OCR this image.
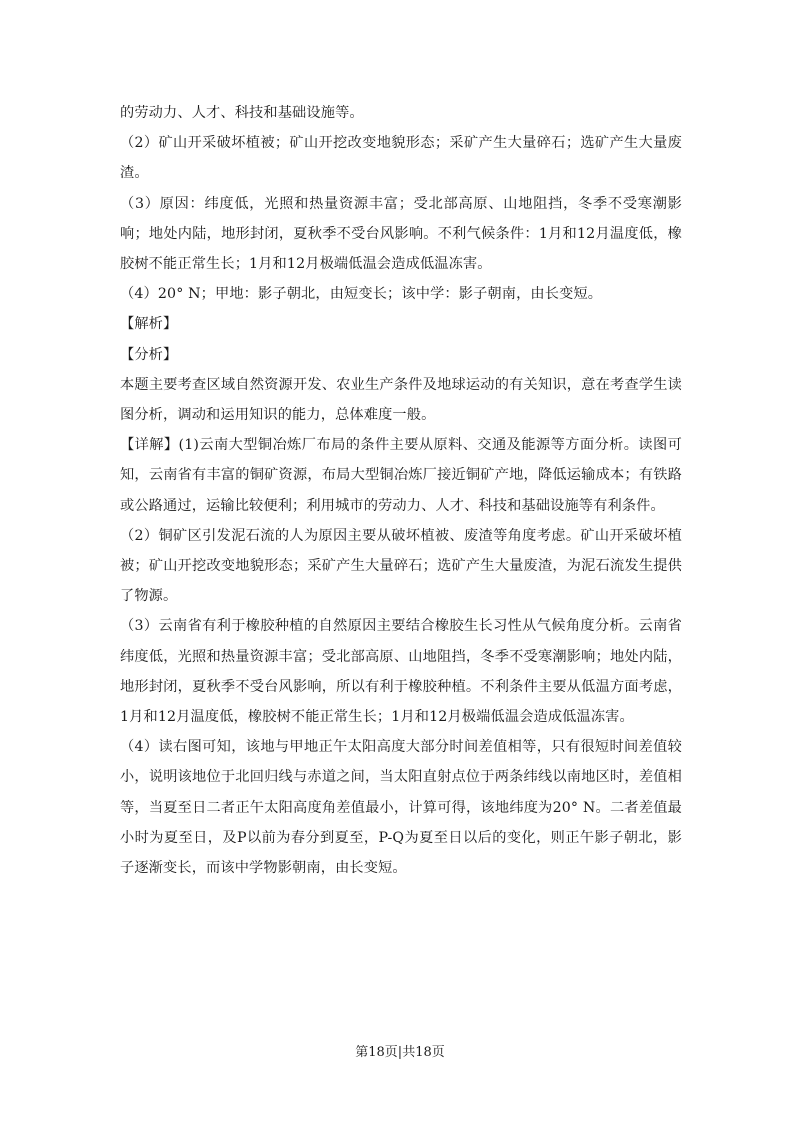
的劳动力、人才、科技和基础设施等。

（2）矿山开采破坏植被；矿山开挖改变地貌形态；采矿产生大量碎石；选矿产生大量废渣。

（3）原因：纬度低，光照和热量资源丰富；受北部高原、山地阻挡，冬季不受寒潮影响；地处内陆，地形封闭，夏秋季不受台风影响。不利气候条件：1月和12月温度低，橡胶树不能正常生长；1月和12月极端低温会造成低温冻害。

（4）20° N；甲地：影子朝北，由短变长；该中学：影子朝南，由长变短。

【解析】

【分析】

本题主要考查区域自然资源开发、农业生产条件及地球运动的有关知识，意在考查学生读图分析，调动和运用知识的能力，总体难度一般。

【详解】(1)云南大型铜冶炼厂布局的条件主要从原料、交通及能源等方面分析。读图可知，云南省有丰富的铜矿资源，布局大型铜冶炼厂接近铜矿产地，降低运输成本；有铁路或公路通过，运输比较便利；利用城市的劳动力、人才、科技和基础设施等有利条件。

（2）铜矿区引发泥石流的人为原因主要从破坏植被、废渣等角度考虑。矿山开采破坏植被；矿山开挖改变地貌形态；采矿产生大量碎石；选矿产生大量废渣，为泥石流发生提供了物源。

（3）云南省有利于橡胶种植的自然原因主要结合橡胶生长习性从气候角度分析。云南省纬度低，光照和热量资源丰富；受北部高原、山地阻挡，冬季不受寒潮影响；地处内陆，地形封闭，夏秋季不受台风影响，所以有利于橡胶种植。不利条件主要从低温方面考虑，1月和12月温度低，橡胶树不能正常生长；1月和12月极端低温会造成低温冻害。

（4）读右图可知，该地与甲地正午太阳高度大部分时间差值相等，只有很短时间差值较小，说明该地位于北回归线与赤道之间，当太阳直射点位于两条纬线以南地区时，差值相等，当夏至日二者正午太阳高度角差值最小，计算可得，该地纬度为20° N。二者差值最小时为夏至日，及P以前为春分到夏至，P-Q为夏至日以后的变化，则正午影子朝北，影子逐渐变长，而该中学物影朝南，由长变短。

第18页|共18页
